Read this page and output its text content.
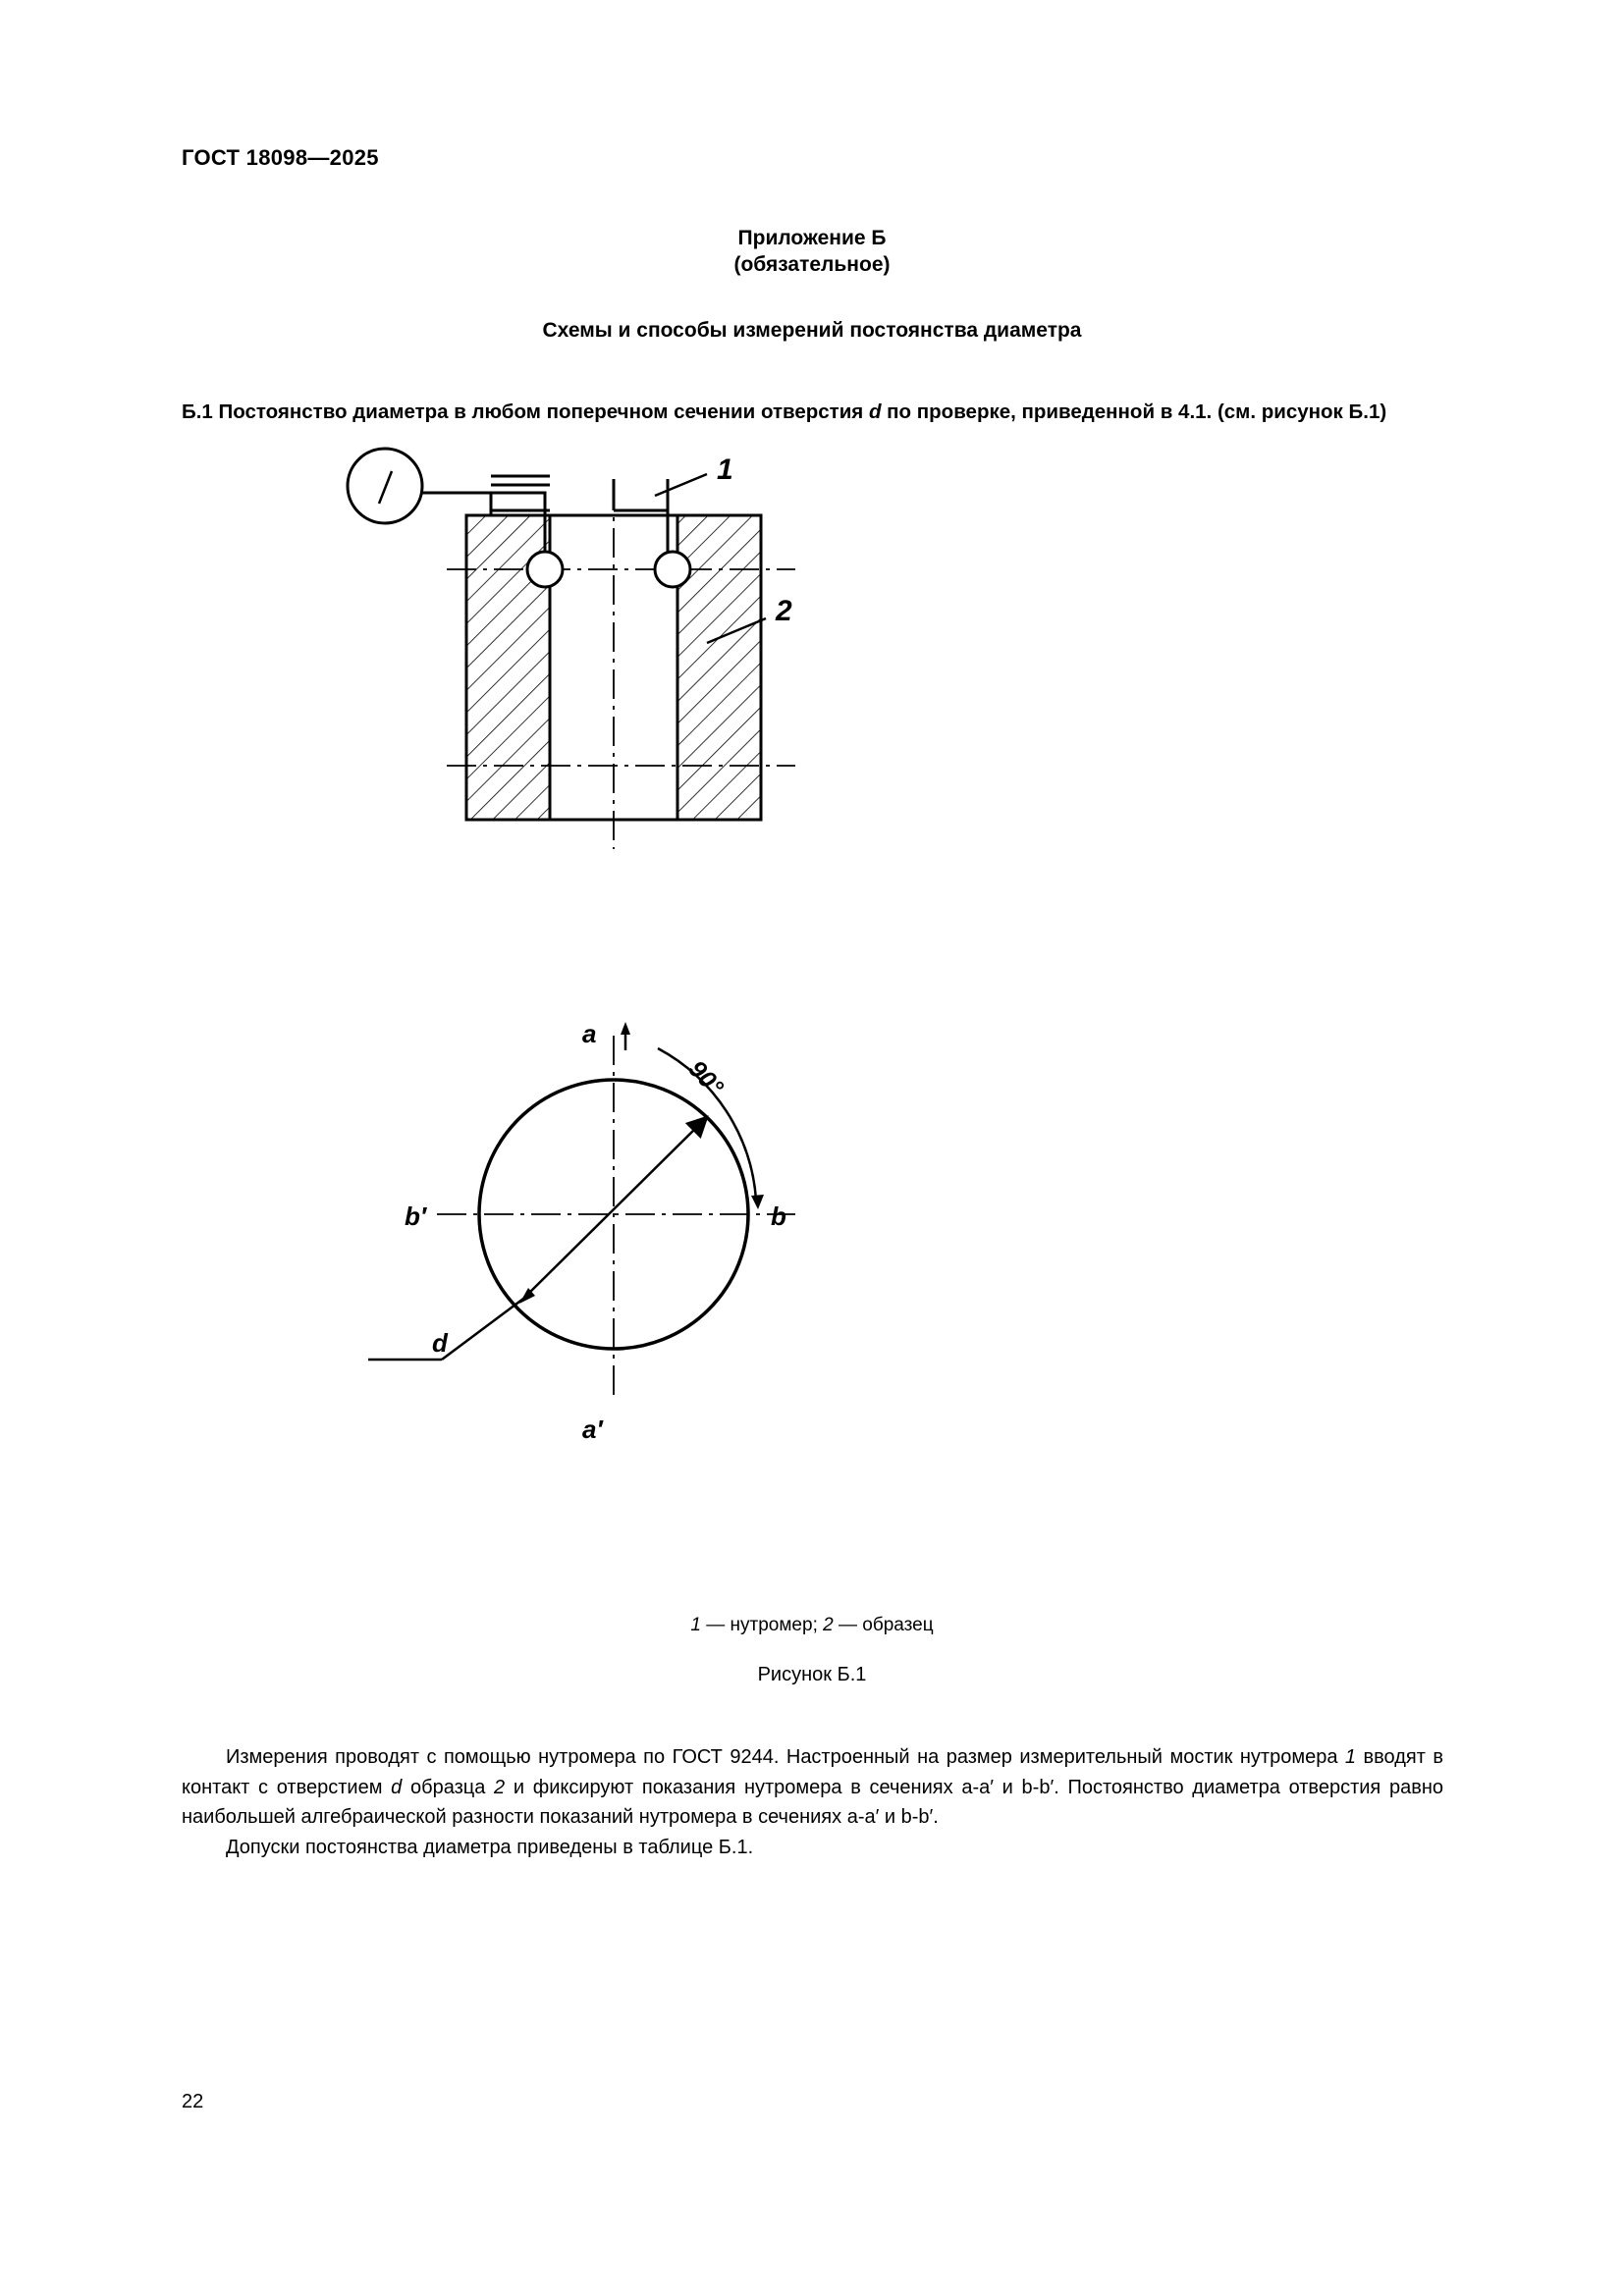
ГОСТ 18098—2025
Приложение Б
(обязательное)
Схемы и способы измерений постоянства диаметра
Б.1 Постоянство диаметра в любом поперечном сечении отверстия d по проверке, приведенной в 4.1. (см. рисунок Б.1)
1
2
90°
a
a′
b
b′
d
1 — нутромер; 2 — образец
Рисунок Б.1

Измерения проводят с помощью нутромера по ГОСТ 9244. Настроенный на размер измерительный мостик нутромера 1 вводят в контакт с отверстием d образца 2 и фиксируют показания нутромера в сечениях a-a′ и b-b′. Постоянство диаметра отверстия равно наибольшей алгебраической разности показаний нутромера в сечениях a-a′ и b-b′.

Допуски постоянства диаметра приведены в таблице Б.1.

22
